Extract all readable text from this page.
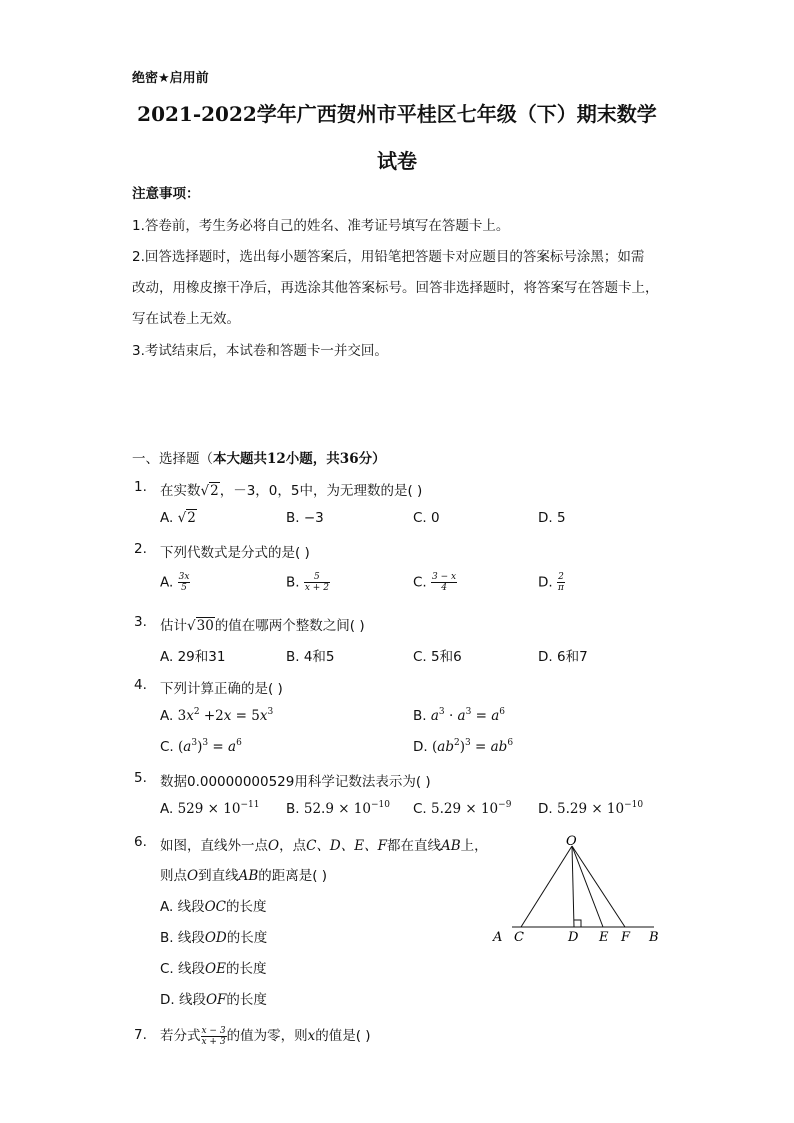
绝密★启用前
2021-2022学年广西贺州市平桂区七年级（下）期末数学
试卷
注意事项：
1.答卷前，考生务必将自己的姓名、准考证号填写在答题卡上。
2.回答选择题时，选出每小题答案后，用铅笔把答题卡对应题目的答案标号涂黑；如需
改动，用橡皮擦干净后，再选涂其他答案标号。回答非选择题时，将答案写在答题卡上，
写在试卷上无效。
3.考试结束后，本试卷和答题卡一并交回。
一、选择题（本大题共12小题，共36分）
1. 在实数√2，－3，0，5中，为无理数的是( )
A. √2	B. −3	C. 0	D. 5
2. 下列代数式是分式的是( )
A. $\frac{3x}{5}$	B. $\frac{5}{x + 2}$	C. $\frac{3 - x}{4}$	D. $\frac{2}{\pi}$
3. 估计√30的值在哪两个整数之间( )
A. 29和31	B. 4和5	C. 5和6	D. 6和7
4. 下列计算正确的是( )
A. $3x^2 +2x = 5x^3$	B. $a^3 \cdot a^3 = a^6$
C. $(a^3)^3 = a^6$	D. $(ab^2)^3 = ab^6$
5. 数据0.00000000529用科学记数法表示为( )
A. $529 \times 10^{-11}$ B. $52.9 \times 10^{-10}$ C. $5.29 \times 10^{-9}$ D. $5.29 \times 10^{-10}$
6. 如图，直线外一点O，点C、D、E、F都在直线AB上，
则点O到直线AB的距离是( )
A. 线段OC的长度
B. 线段OD的长度
C. 线段OE的长度
D. 线段OF的长度
O
A C	D E F B
7. 若分式 $\frac{x - 3}{x + 3}$ 的值为零，则x的值是( )
